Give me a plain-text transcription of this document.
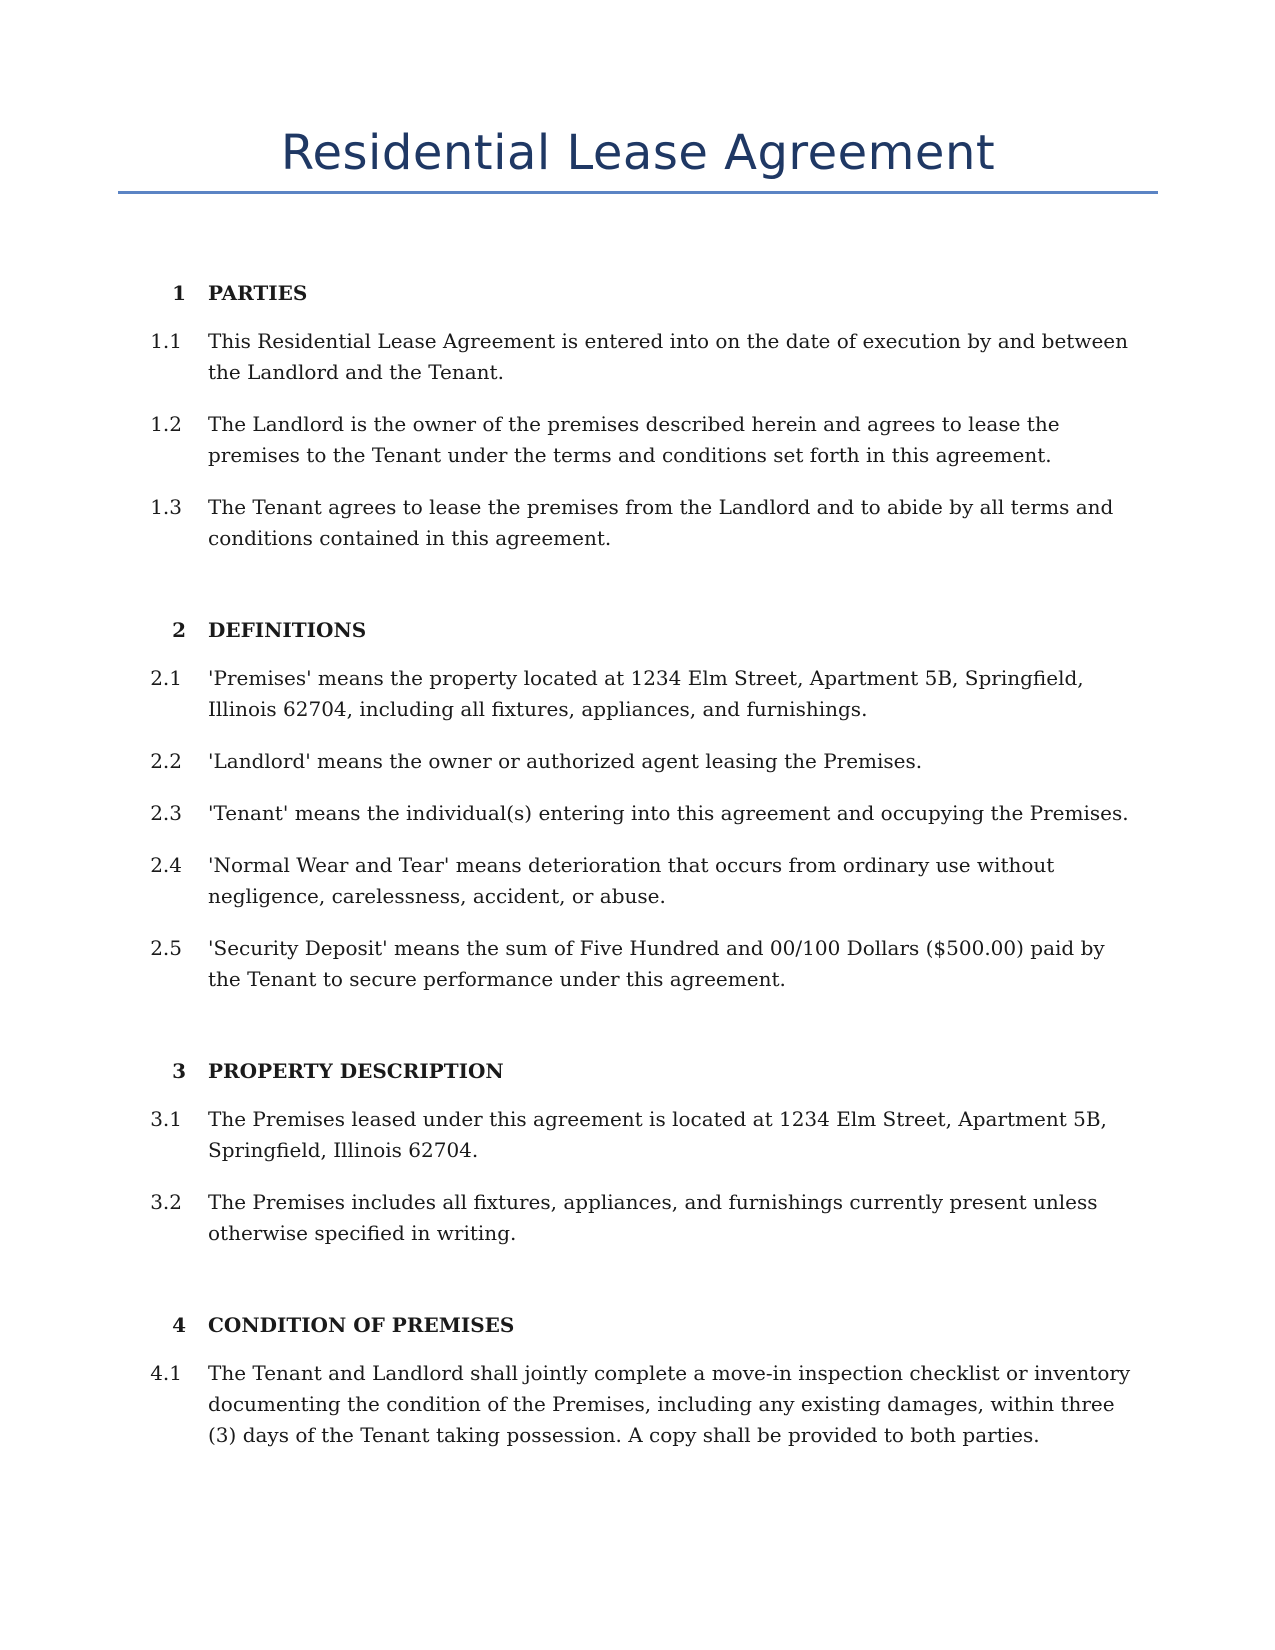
Residential Lease Agreement
1	PARTIES
1.1	This Residential Lease Agreement is entered into on the date of execution by and between the Landlord and the Tenant.
1.2	The Landlord is the owner of the premises described herein and agrees to lease the premises to the Tenant under the terms and conditions set forth in this agreement.
1.3	The Tenant agrees to lease the premises from the Landlord and to abide by all terms and conditions contained in this agreement.
2	DEFINITIONS
2.1	'Premises' means the property located at 1234 Elm Street, Apartment 5B, Springfield, Illinois 62704, including all fixtures, appliances, and furnishings.
2.2	'Landlord' means the owner or authorized agent leasing the Premises.
2.3	'Tenant' means the individual(s) entering into this agreement and occupying the Premises.
2.4	'Normal Wear and Tear' means deterioration that occurs from ordinary use without negligence, carelessness, accident, or abuse.
2.5	'Security Deposit' means the sum of Five Hundred and 00/100 Dollars ($500.00) paid by the Tenant to secure performance under this agreement.
3	PROPERTY DESCRIPTION
3.1	The Premises leased under this agreement is located at 1234 Elm Street, Apartment 5B, Springfield, Illinois 62704.
3.2	The Premises includes all fixtures, appliances, and furnishings currently present unless otherwise specified in writing.
4	CONDITION OF PREMISES
4.1	The Tenant and Landlord shall jointly complete a move-in inspection checklist or inventory documenting the condition of the Premises, including any existing damages, within three (3) days of the Tenant taking possession. A copy shall be provided to both parties.
